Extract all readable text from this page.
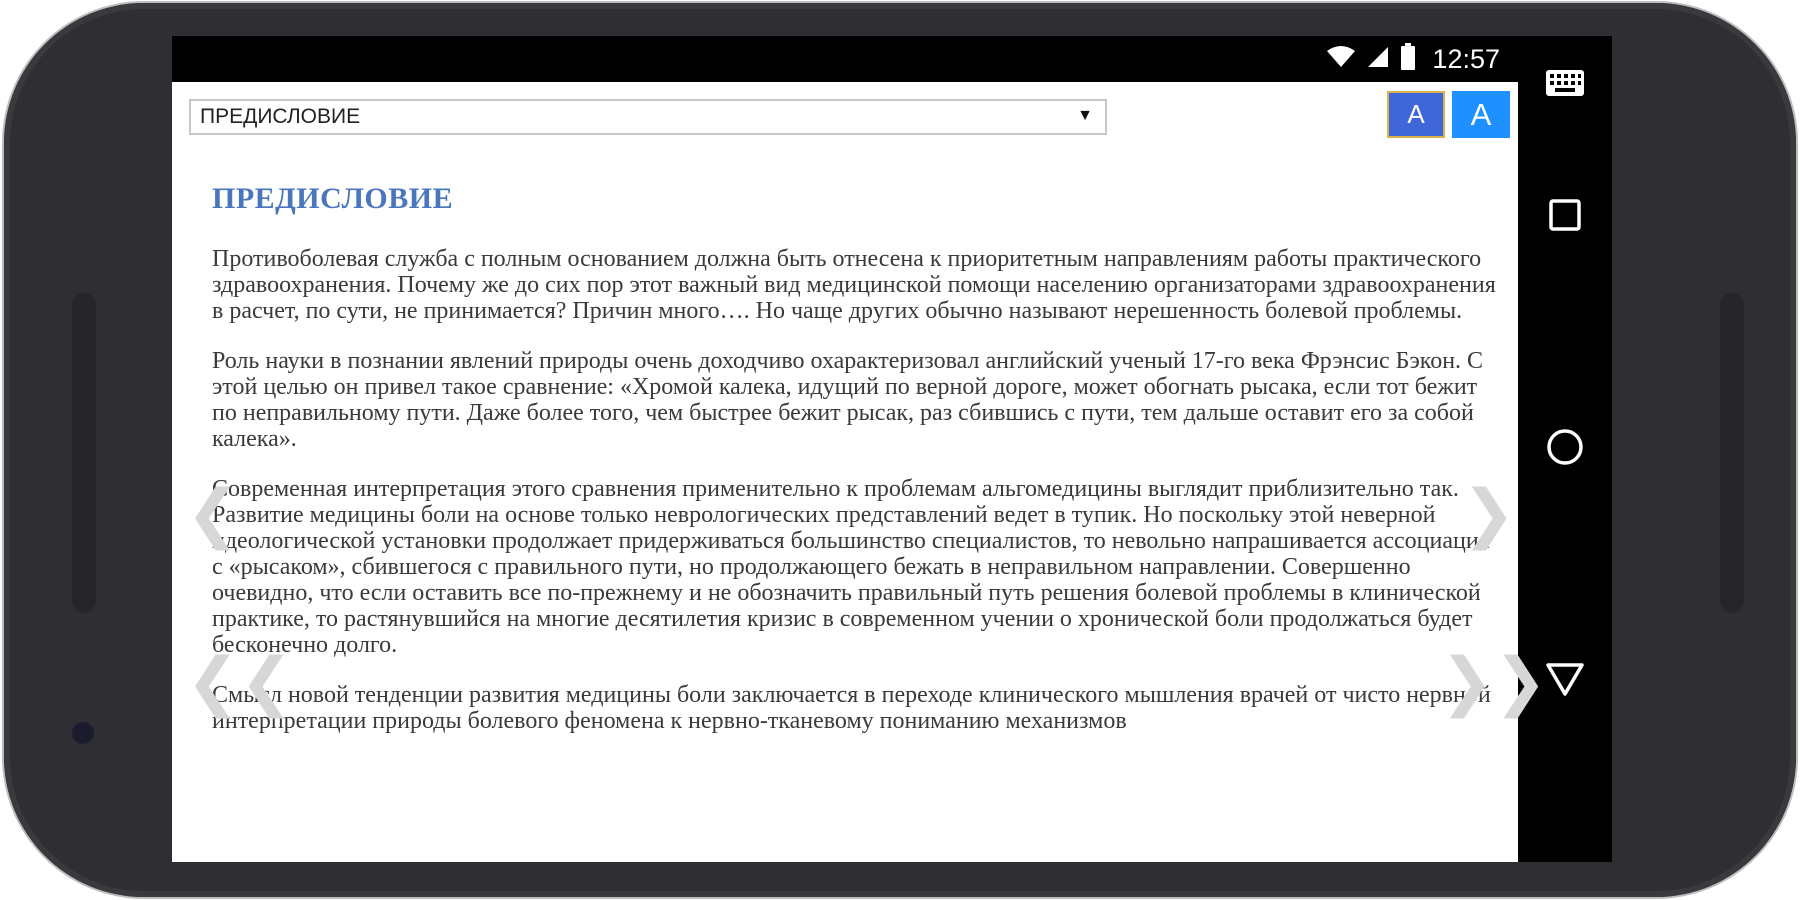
12:57
ПРЕДИСЛОВИЕ	▼	A	A
ПРЕДИСЛОВИЕ

Противоболевая служба с полным основанием должна быть отнесена к приоритетным направлениям работы практического здравоохранения. Почему же до сих пор этот важный вид медицинской помощи населению организаторами здравоохранения в расчет, по сути, не принимается? Причин много…. Но чаще других обычно называют нерешенность болевой проблемы.

Роль науки в познании явлений природы очень доходчиво охарактеризовал английский ученый 17-го века Фрэнсис Бэкон. С этой целью он привел такое сравнение: «Хромой калека, идущий по верной дороге, может обогнать рысака, если тот бежит по неправильному пути. Даже более того, чем быстрее бежит рысак, раз сбившись с пути, тем дальше оставит его за собой калека».

Современная интерпретация этого сравнения применительно к проблемам альгомедицины выглядит приблизительно так. Развитие медицины боли на основе только неврологических представлений ведет в тупик. Но поскольку этой неверной идеологической установки продолжает придерживаться большинство специалистов, то невольно напрашивается ассоциация с «рысаком», сбившегося с правильного пути, но продолжающего бежать в неправильном направлении. Совершенно очевидно, что если оставить все по-прежнему и не обозначить правильный путь решения болевой проблемы в клинической практике, то растянувшийся на многие десятилетия кризис в современном учении о хронической боли продолжаться будет бесконечно долго.

Смысл новой тенденции развития медицины боли заключается в переходе клинического мышления врачей от чисто нервной интерпретации природы болевого феномена к нервно-тканевому пониманию механизмов

❮
❮❮
❯
❯❯
